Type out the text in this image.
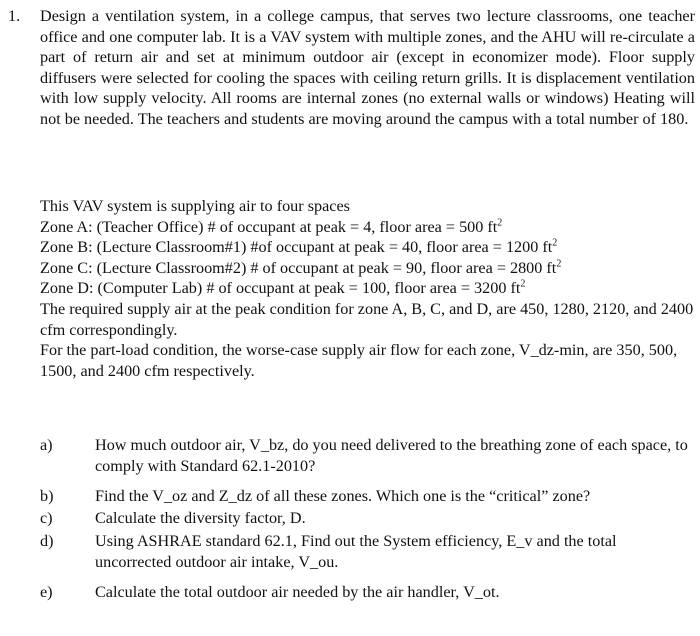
1. Design a ventilation system, in a college campus, that serves two lecture classrooms, one teacher office and one computer lab. It is a VAV system with multiple zones, and the AHU will re-circulate a part of return air and set at minimum outdoor air (except in economizer mode). Floor supply diffusers were selected for cooling the spaces with ceiling return grills. It is displacement ventilation with low supply velocity. All rooms are internal zones (no external walls or windows) Heating will not be needed. The teachers and students are moving around the campus with a total number of 180.

This VAV system is supplying air to four spaces
Zone A: (Teacher Office) # of occupant at peak = 4, floor area = 500 $ft^2$
Zone B: (Lecture Classroom#1) #of occupant at peak = 40, floor area = 1200 $ft^2$
Zone C: (Lecture Classroom#2) # of occupant at peak = 90, floor area = 2800 $ft^2$
Zone D: (Computer Lab) # of occupant at peak = 100, floor area = 3200 $ft^2$
The required supply air at the peak condition for zone A, B, C, and D, are 450, 1280, 2120, and 2400 cfm correspondingly.
For the part-load condition, the worse-case supply air flow for each zone, V_dz-min, are 350, 500, 1500, and 2400 cfm respectively.
a)	How much outdoor air, V_bz, do you need delivered to the breathing zone of each space, to comply with Standard 62.1-2010?
b)	Find the V_oz and Z_dz of all these zones. Which one is the “critical” zone?
c)	Calculate the diversity factor, D.
d)	Using ASHRAE standard 62.1, Find out the System efficiency, E_v and the total uncorrected outdoor air intake, V_ou.
e)	Calculate the total outdoor air needed by the air handler, V_ot.
